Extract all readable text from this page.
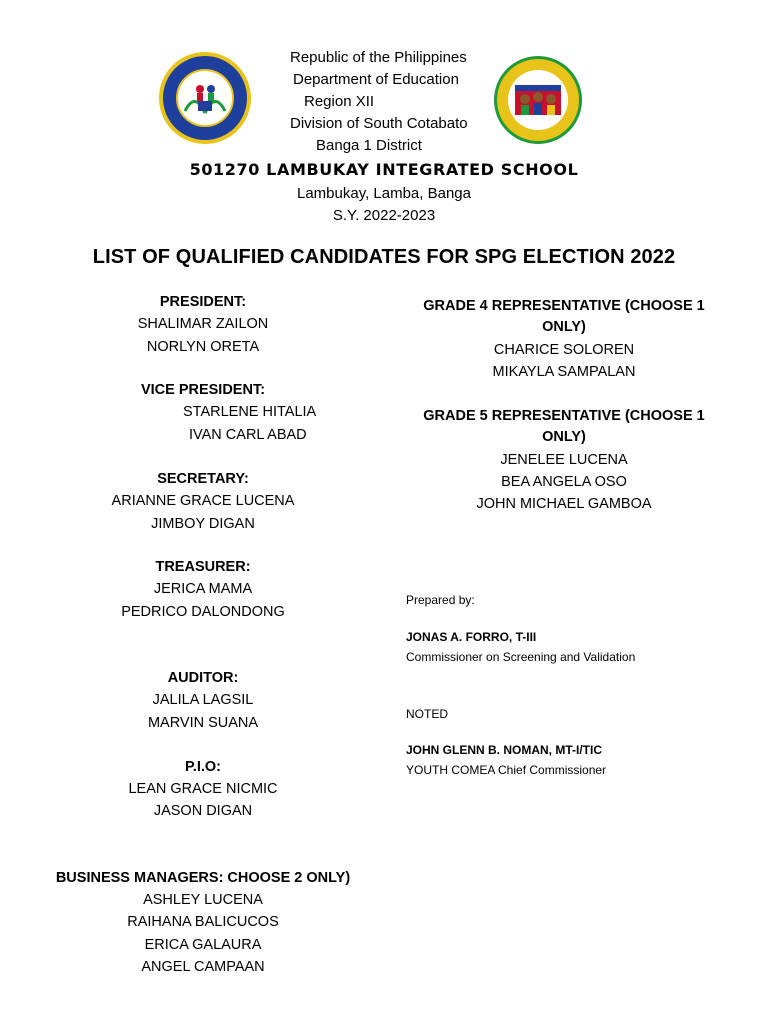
Republic of the Philippines
Department of Education
Region XII
Division of South Cotabato
Banga 1 District
501270 LAMBUKAY INTEGRATED SCHOOL
Lambukay, Lamba, Banga
S.Y. 2022-2023
LIST OF QUALIFIED CANDIDATES FOR SPG ELECTION 2022
PRESIDENT:
SHALIMAR ZAILON
NORLYN ORETA
VICE PRESIDENT:
STARLENE HITALIA
IVAN CARL ABAD
SECRETARY:
ARIANNE GRACE LUCENA
JIMBOY DIGAN
TREASURER:
JERICA MAMA
PEDRICO DALONDONG
AUDITOR:
JALILA LAGSIL
MARVIN SUANA
P.I.O:
LEAN GRACE NICMIC
JASON DIGAN
BUSINESS MANAGERS: CHOOSE 2 ONLY)
ASHLEY LUCENA
RAIHANA BALICUCOS
ERICA GALAURA
ANGEL CAMPAAN
GRADE 4 REPRESENTATIVE (CHOOSE 1
ONLY)
CHARICE SOLOREN
MIKAYLA SAMPALAN
GRADE 5 REPRESENTATIVE (CHOOSE 1
ONLY)
JENELEE LUCENA
BEA ANGELA OSO
JOHN MICHAEL GAMBOA
Prepared by:
JONAS A. FORRO, T-III
Commissioner on Screening and Validation
NOTED
JOHN GLENN B. NOMAN, MT-I/TIC
YOUTH COMEA Chief Commissioner
